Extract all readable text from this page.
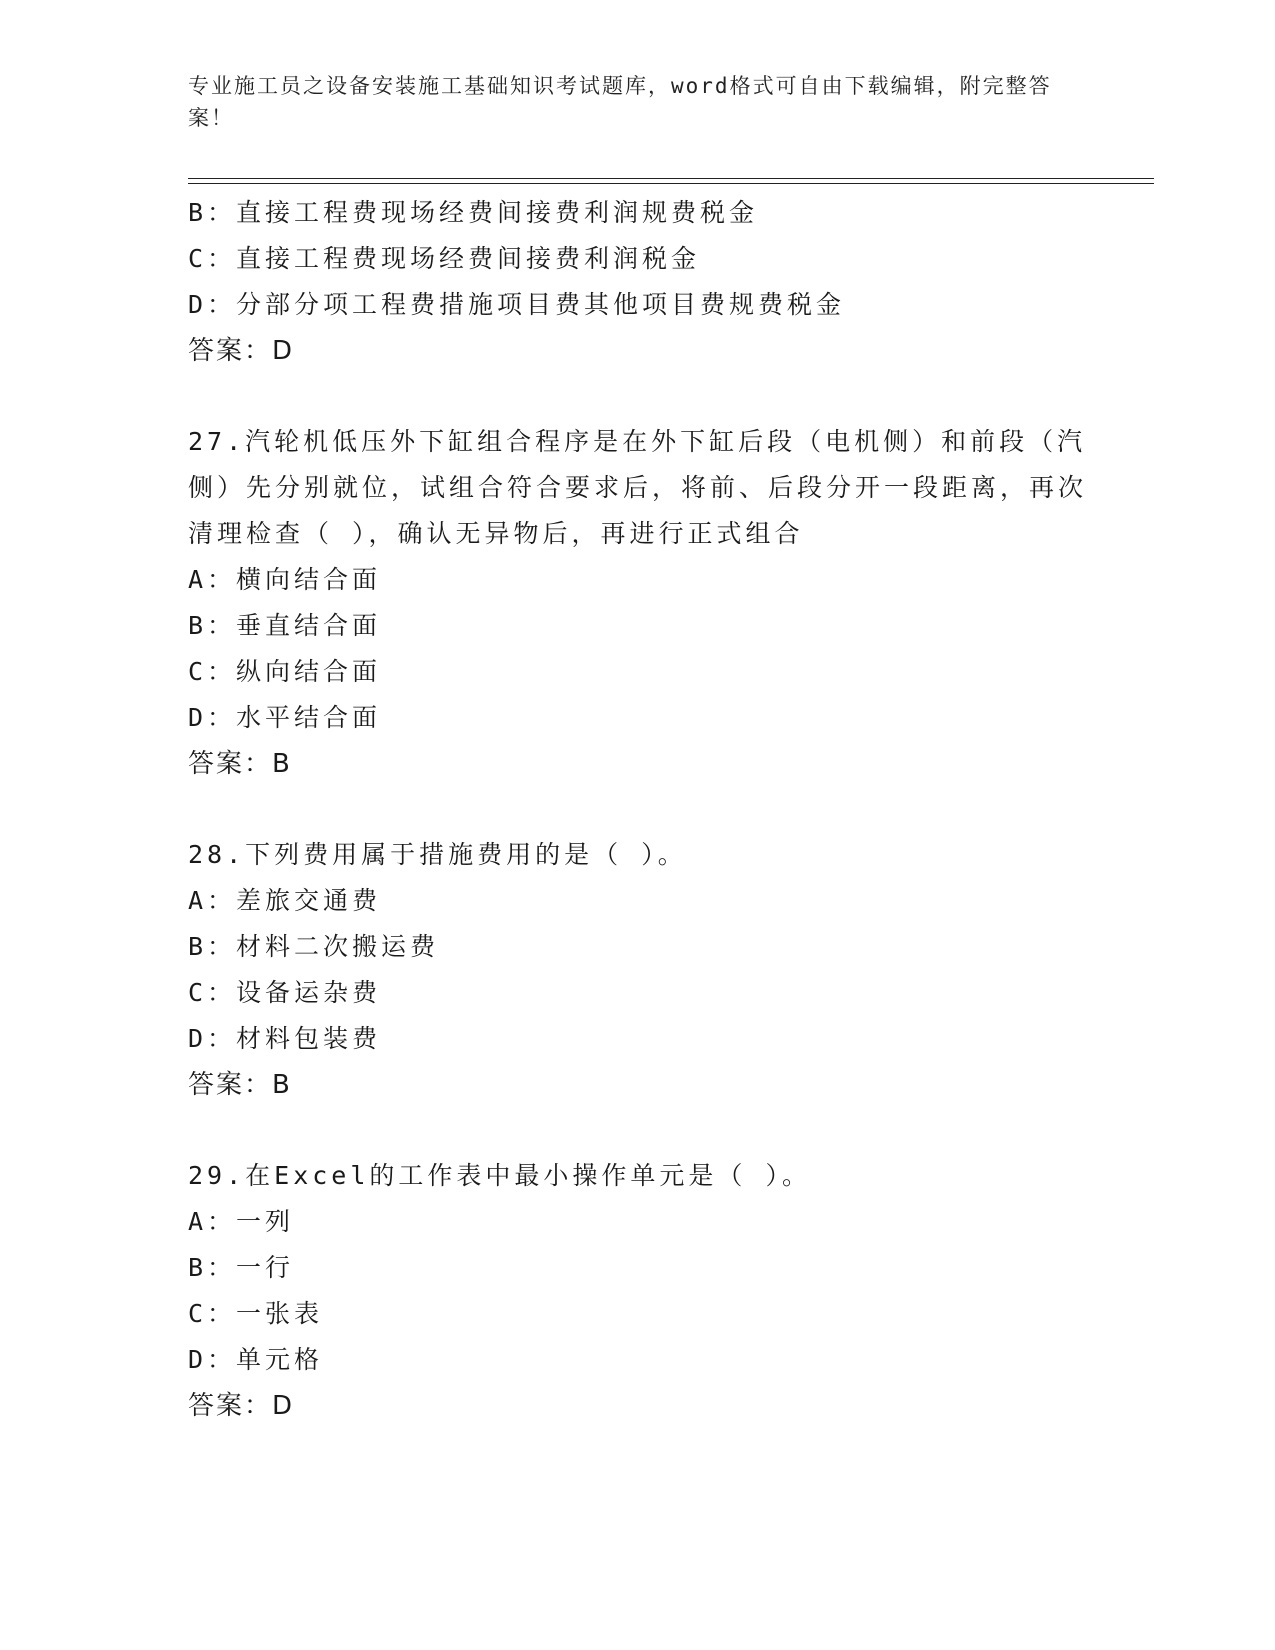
专业施工员之设备安装施工基础知识考试题库，word格式可自由下载编辑，附完整答案！
B：直接工程费现场经费间接费利润规费税金
C：直接工程费现场经费间接费利润税金
D：分部分项工程费措施项目费其他项目费规费税金
答案：D
27.汽轮机低压外下缸组合程序是在外下缸后段（电机侧）和前段（汽侧）先分别就位，试组合符合要求后，将前、后段分开一段距离，再次清理检查（ ），确认无异物后，再进行正式组合
A：横向结合面
B：垂直结合面
C：纵向结合面
D：水平结合面
答案：B
28.下列费用属于措施费用的是（ ）。
A：差旅交通费
B：材料二次搬运费
C：设备运杂费
D：材料包装费
答案：B
29.在Excel的工作表中最小操作单元是（ ）。
A：一列
B：一行
C：一张表
D：单元格
答案：D
